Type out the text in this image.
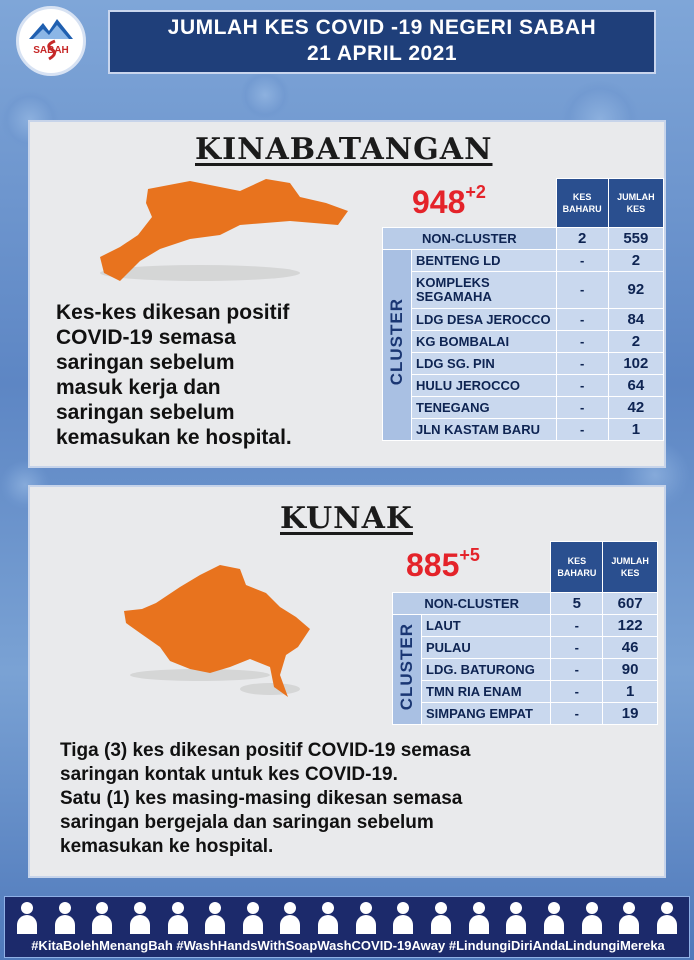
SABAH
JUMLAH KES COVID -19 NEGERI SABAH
21 APRIL 2021
KINABATANGAN
Kes-kes dikesan positif
COVID-19 semasa
saringan sebelum
masuk kerja dan
saringan sebelum
kemasukan ke hospital.
$948^{+2}$
			KES BAHARU	JUMLAH KES
NON-CLUSTER		2	559
CLUSTER	BENTENG LD	-	2
	KOMPLEKS SEGAMAHA	-	92
	LDG DESA JEROCCO	-	84
	KG BOMBALAI	-	2
	LDG SG. PIN	-	102
	HULU JEROCCO	-	64
	TENEGANG	-	42
	JLN KASTAM BARU	-	1
KUNAK
$885^{+5}$
			KES BAHARU	JUMLAH KES
NON-CLUSTER		5	607
CLUSTER	LAUT	-	122
	PULAU	-	46
	LDG. BATURONG	-	90
	TMN RIA ENAM	-	1
	SIMPANG EMPAT	-	19
Tiga (3) kes dikesan positif COVID-19 semasa
saringan kontak untuk kes COVID-19.
Satu (1) kes masing-masing dikesan semasa
saringan bergejala dan saringan sebelum
kemasukan ke hospital.
#KitaBolehMenangBah #WashHandsWithSoapWashCOVID-19Away #LindungiDiriAndaLindungiMereka
